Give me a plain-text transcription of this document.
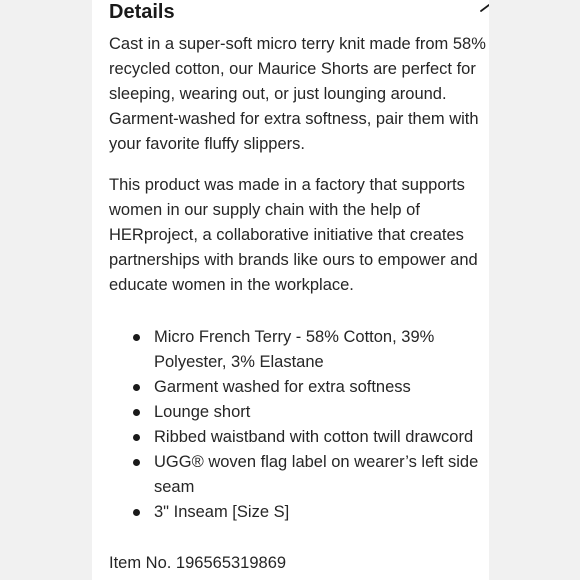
Details

Cast in a super-soft micro terry knit made from 58% recycled cotton, our Maurice Shorts are perfect for sleeping, wearing out, or just lounging around. Garment-washed for extra softness, pair them with your favorite fluffy slippers.

This product was made in a factory that supports women in our supply chain with the help of HERproject, a collaborative initiative that creates partnerships with brands like ours to empower and educate women in the workplace.

Micro French Terry - 58% Cotton, 39% Polyester, 3% Elastane
Garment washed for extra softness
Lounge short
Ribbed waistband with cotton twill drawcord
UGG® woven flag label on wearer’s left side seam
3" Inseam [Size S]
Item No. 196565319869
